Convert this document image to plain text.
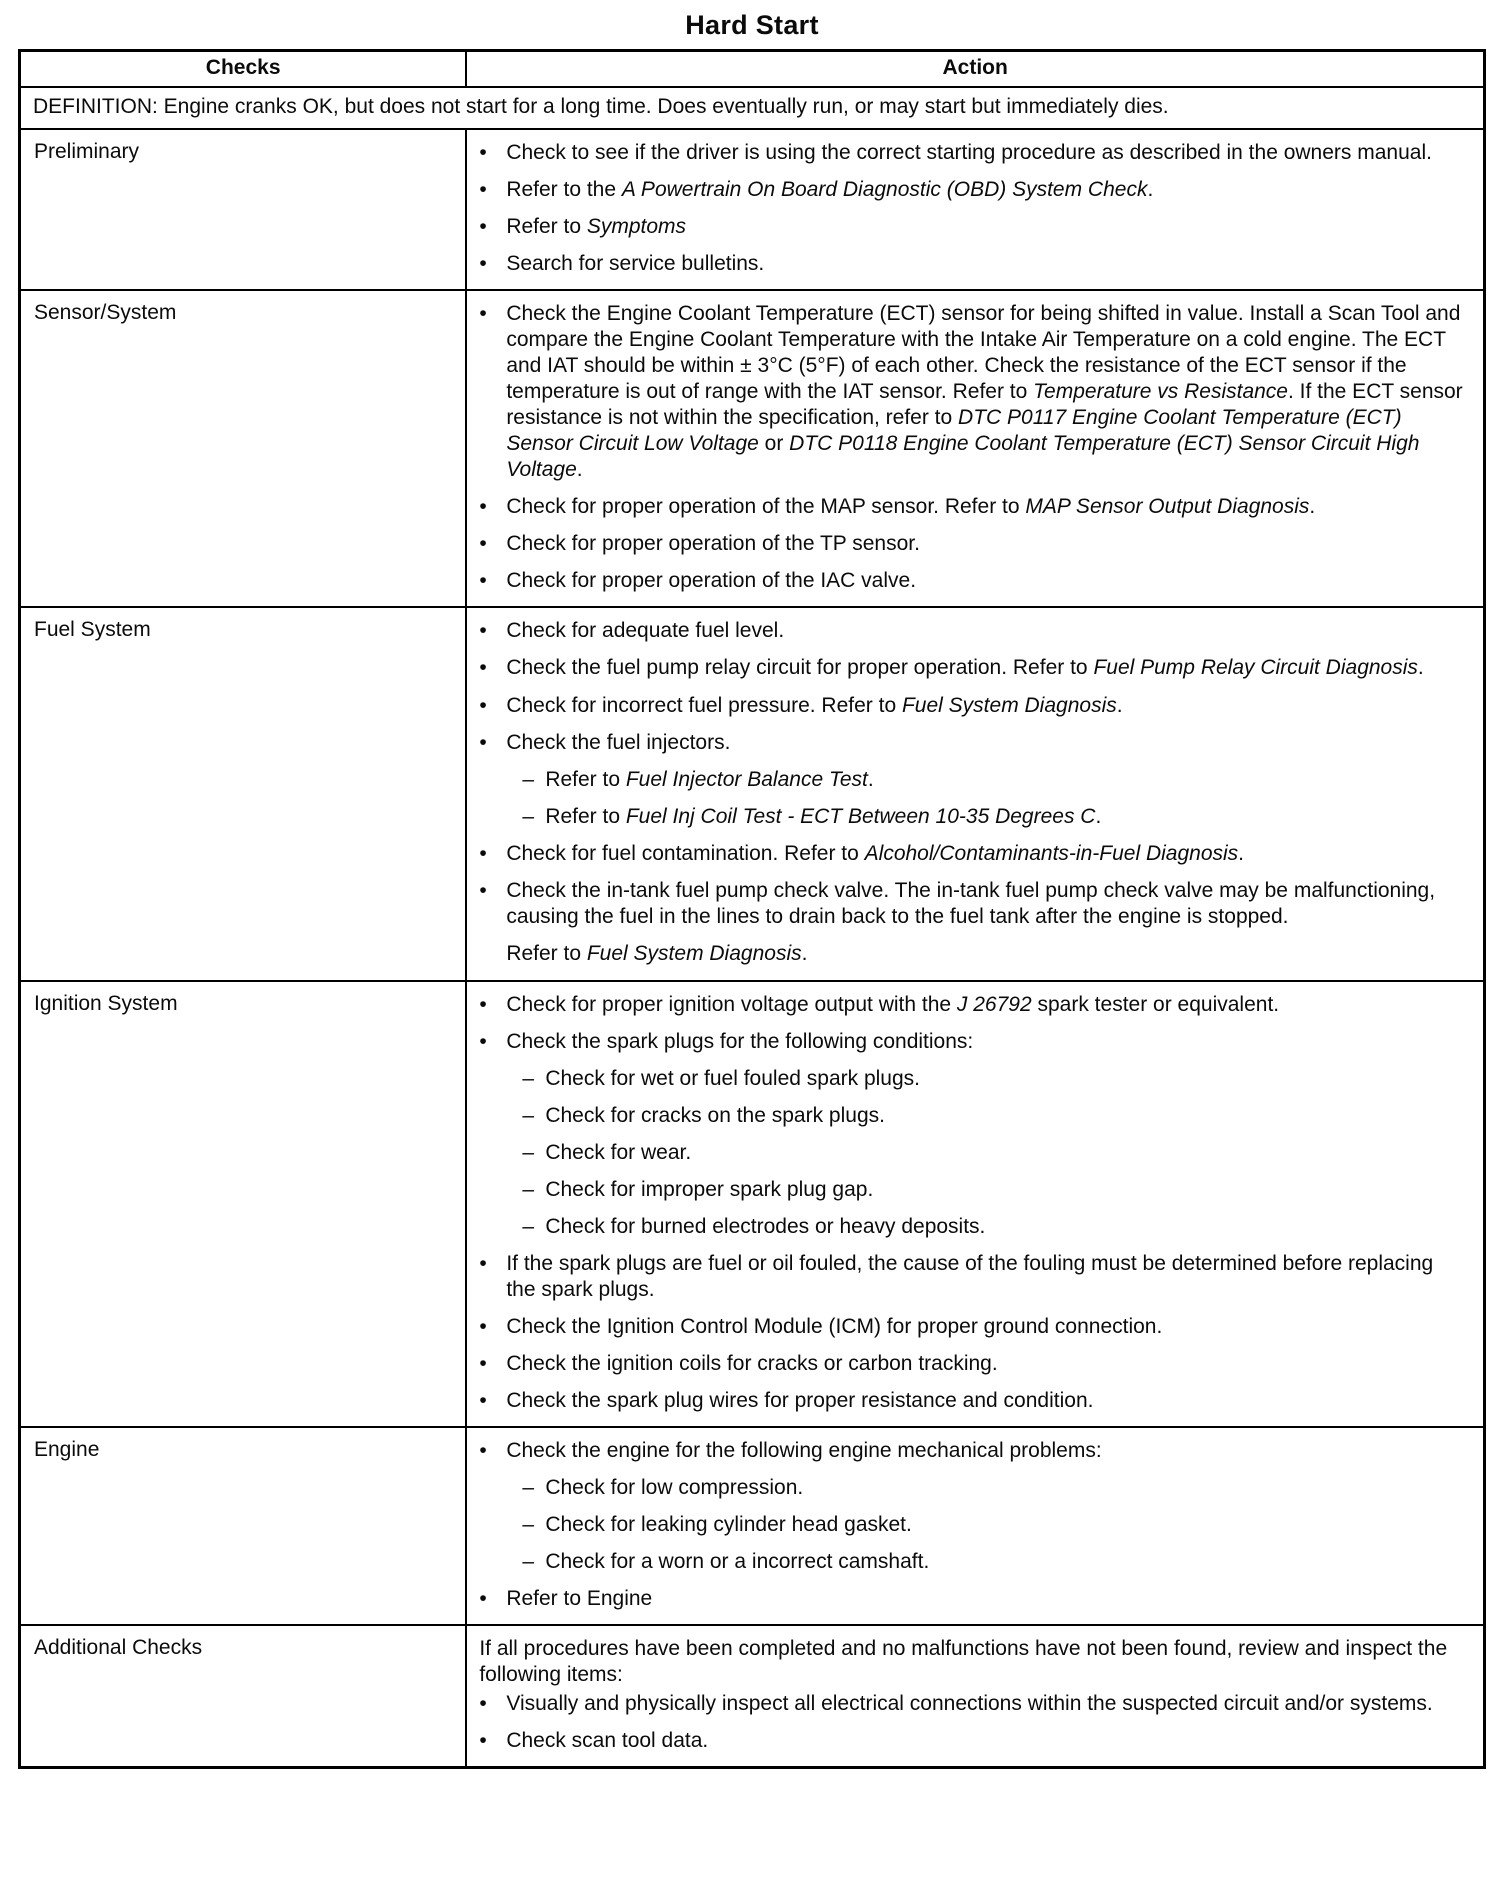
Hard Start
Checks	Action
DEFINITION: Engine cranks OK, but does not start for a long time. Does eventually run, or may start but immediately dies.	
Preliminary	• Check to see if the driver is using the correct starting procedure as described in the owners manual.
• Refer to the A Powertrain On Board Diagnostic (OBD) System Check.
• Refer to Symptoms
• Search for service bulletins.

Sensor/System	• Check the Engine Coolant Temperature (ECT) sensor for being shifted in value. Install a Scan Tool and compare the Engine Coolant Temperature with the Intake Air Temperature on a cold engine. The ECT and IAT should be within ± 3°C (5°F) of each other. Check the resistance of the ECT sensor if the temperature is out of range with the IAT sensor. Refer to Temperature vs Resistance. If the ECT sensor resistance is not within the specification, refer to DTC P0117 Engine Coolant Temperature (ECT) Sensor Circuit Low Voltage or DTC P0118 Engine Coolant Temperature (ECT) Sensor Circuit High Voltage.
• Check for proper operation of the MAP sensor. Refer to MAP Sensor Output Diagnosis.
• Check for proper operation of the TP sensor.
• Check for proper operation of the IAC valve.

Fuel System	• Check for adequate fuel level.
• Check the fuel pump relay circuit for proper operation. Refer to Fuel Pump Relay Circuit Diagnosis.
• Check for incorrect fuel pressure. Refer to Fuel System Diagnosis.
• Check the fuel injectors.
– Refer to Fuel Injector Balance Test.
– Refer to Fuel Inj Coil Test - ECT Between 10-35 Degrees C.
• Check for fuel contamination. Refer to Alcohol/Contaminants-in-Fuel Diagnosis.
• Check the in-tank fuel pump check valve. The in-tank fuel pump check valve may be malfunctioning, causing the fuel in the lines to drain back to the fuel tank after the engine is stopped.
Refer to Fuel System Diagnosis.

Ignition System	• Check for proper ignition voltage output with the J 26792 spark tester or equivalent.
• Check the spark plugs for the following conditions:
– Check for wet or fuel fouled spark plugs.
– Check for cracks on the spark plugs.
– Check for wear.
– Check for improper spark plug gap.
– Check for burned electrodes or heavy deposits.
• If the spark plugs are fuel or oil fouled, the cause of the fouling must be determined before replacing the spark plugs.
• Check the Ignition Control Module (ICM) for proper ground connection.
• Check the ignition coils for cracks or carbon tracking.
• Check the spark plug wires for proper resistance and condition.

Engine	• Check the engine for the following engine mechanical problems:
– Check for low compression.
– Check for leaking cylinder head gasket.
– Check for a worn or a incorrect camshaft.
• Refer to Engine

Additional Checks	If all procedures have been completed and no malfunctions have not been found, review and inspect the following items:
• Visually and physically inspect all electrical connections within the suspected circuit and/or systems.
• Check scan tool data.
